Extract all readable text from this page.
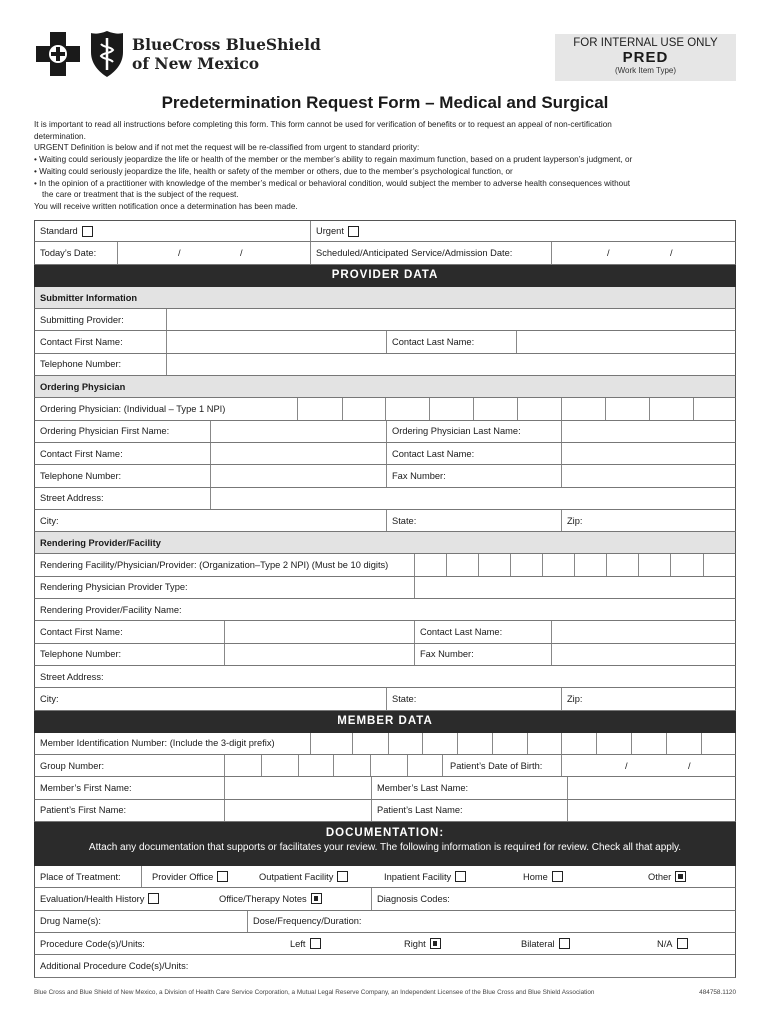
BlueCross BlueShield
of New Mexico
FOR INTERNAL USE ONLY
PRED
(Work Item Type)
Predetermination Request Form – Medical and Surgical

It is important to read all instructions before completing this form. This form cannot be used for verification of benefits or to request an appeal of non-certification

determination.

URGENT Definition is below and if not met the request will be re-classified from urgent to standard priority:

• Waiting could seriously jeopardize the life or health of the member or the member’s ability to regain maximum function, based on a prudent layperson’s judgment, or

• Waiting could seriously jeopardize the life, health or safety of the member or others, due to the member’s psychological function, or

• In the opinion of a practitioner with knowledge of the member’s medical or behavioral condition, would subject the member to adverse health consequences without

the care or treatment that is the subject of the request.

You will receive written notification once a determination has been made.

Standard	Urgent
Today’s Date:	/	/	Scheduled/Anticipated Service/Admission Date:	/	/
PROVIDER DATA
Submitter Information
Submitting Provider:
Contact First Name:	Contact Last Name:
Telephone Number:
Ordering Physician
Ordering Physician: (Individual – Type 1 NPI)
Ordering Physician First Name:	Ordering Physician Last Name:
Contact First Name:	Contact Last Name:
Telephone Number:	Fax Number:
Street Address:
City:	State:	Zip:
Rendering Provider/Facility
Rendering Facility/Physician/Provider: (Organization–Type 2 NPI) (Must be 10 digits)
Rendering Physician Provider Type:
Rendering Provider/Facility Name:
Contact First Name:	Contact Last Name:
Telephone Number:	Fax Number:
Street Address:
City:	State:	Zip:
MEMBER DATA
Member Identification Number: (Include the 3-digit prefix)
Group Number:	Patient’s Date of Birth:	/	/
Member’s First Name:	Member’s Last Name:
Patient’s First Name:	Patient’s Last Name:
DOCUMENTATION:
Attach any documentation that supports or facilitates your review. The following information is required for review. Check all that apply.
Place of Treatment:	Provider Office	Outpatient Facility	Inpatient Facility	Home	Other
Evaluation/Health History	Office/Therapy Notes	Diagnosis Codes:
Drug Name(s):	Dose/Frequency/Duration:
Procedure Code(s)/Units:	Left	Right	Bilateral	N/A
Additional Procedure Code(s)/Units:
Blue Cross and Blue Shield of New Mexico, a Division of Health Care Service Corporation, a Mutual Legal Reserve Company, an Independent Licensee of the Blue Cross and Blue Shield Association	484758.1120
